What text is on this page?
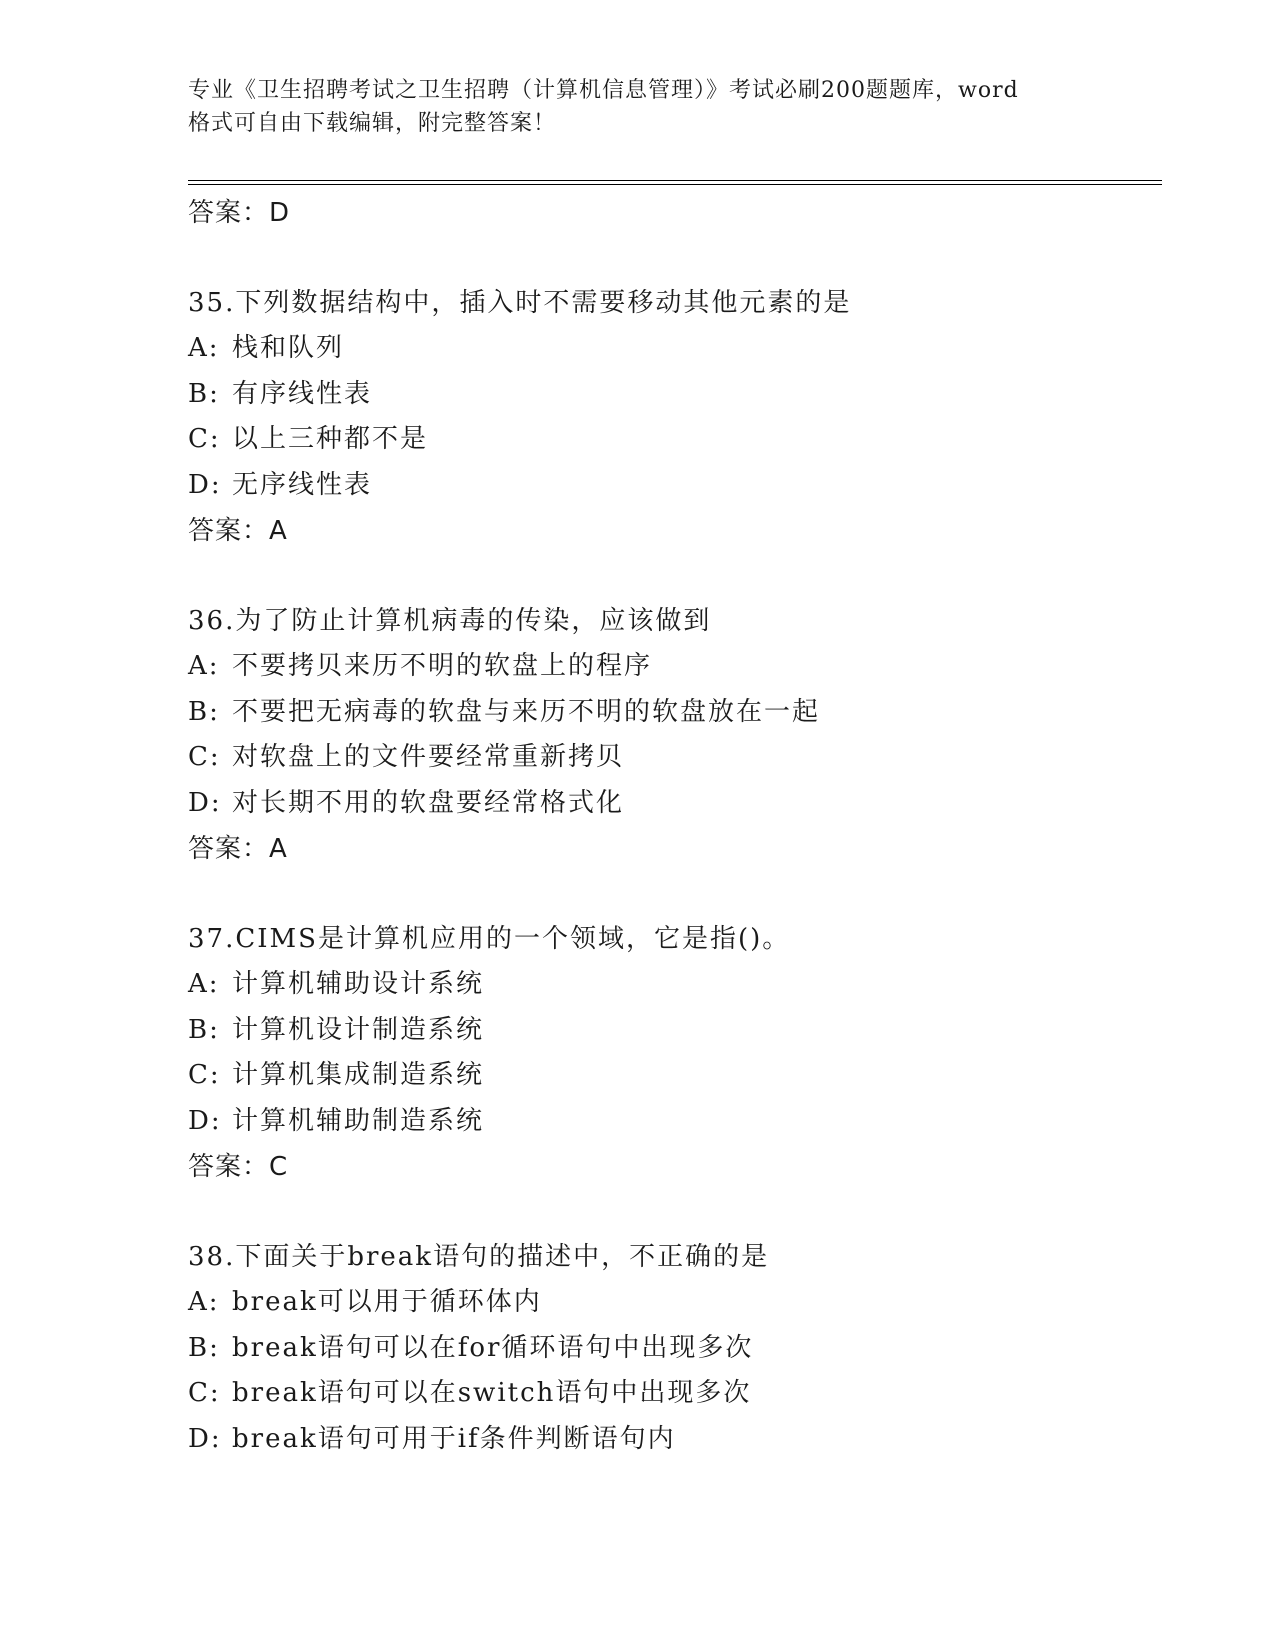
专业《卫生招聘考试之卫生招聘（计算机信息管理）》考试必刷200题题库，word
格式可自由下载编辑，附完整答案！
答案：D
35.下列数据结构中，插入时不需要移动其他元素的是
A: 栈和队列
B: 有序线性表
C: 以上三种都不是
D: 无序线性表
答案：A
36.为了防止计算机病毒的传染，应该做到
A: 不要拷贝来历不明的软盘上的程序
B: 不要把无病毒的软盘与来历不明的软盘放在一起
C: 对软盘上的文件要经常重新拷贝
D: 对长期不用的软盘要经常格式化
答案：A
37.CIMS是计算机应用的一个领域，它是指()。
A: 计算机辅助设计系统
B: 计算机设计制造系统
C: 计算机集成制造系统
D: 计算机辅助制造系统
答案：C
38.下面关于break语句的描述中，不正确的是
A: break可以用于循环体内
B: break语句可以在for循环语句中出现多次
C: break语句可以在switch语句中出现多次
D: break语句可用于if条件判断语句内
